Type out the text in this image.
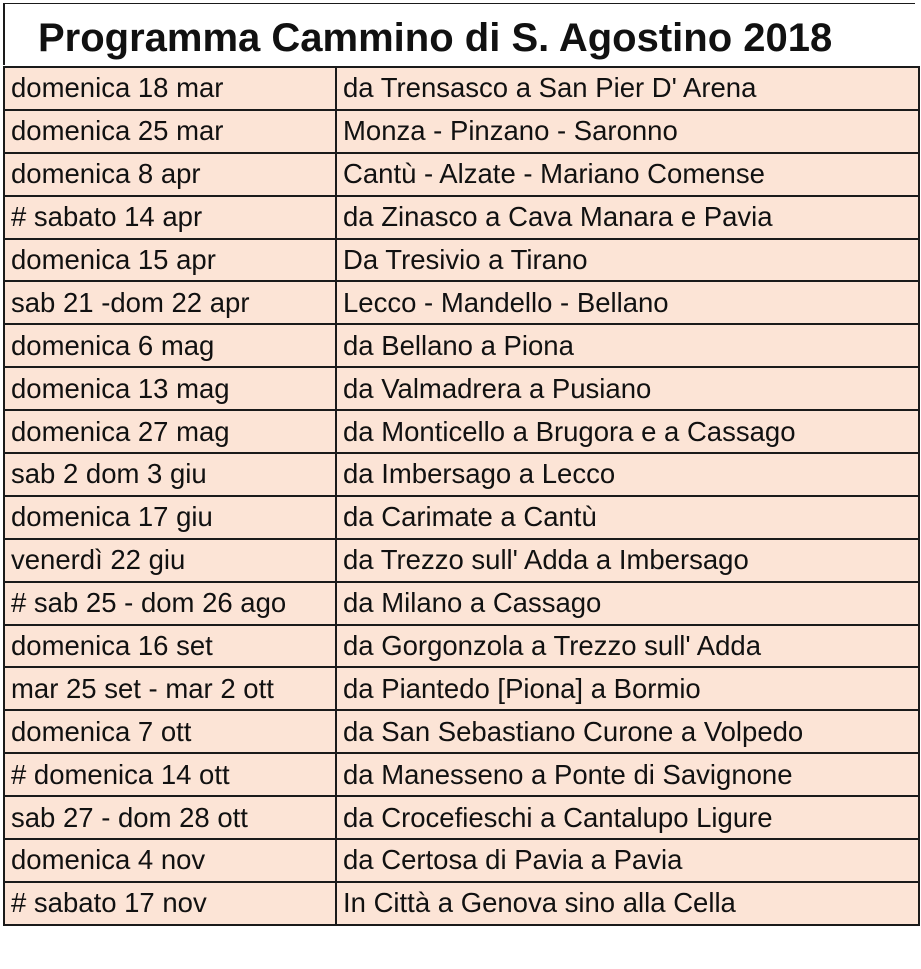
Programma Cammino di S. Agostino 2018
domenica 18 mar	da Trensasco a San Pier D' Arena
domenica 25 mar	Monza - Pinzano - Saronno
domenica 8 apr	Cantù - Alzate - Mariano Comense
# sabato 14 apr	da Zinasco a Cava Manara e Pavia
domenica 15 apr	Da Tresivio a Tirano
sab 21 -dom 22 apr	Lecco - Mandello - Bellano
domenica 6 mag	da Bellano a Piona
domenica 13 mag	da Valmadrera a Pusiano
domenica 27 mag	da Monticello a Brugora e a Cassago
sab 2 dom 3 giu	da Imbersago a Lecco
domenica 17 giu	da Carimate a Cantù
venerdì 22 giu	da Trezzo sull' Adda a Imbersago
# sab 25 - dom 26 ago	da Milano a Cassago
domenica 16 set	da Gorgonzola a Trezzo sull' Adda
mar 25 set - mar 2 ott	da Piantedo [Piona] a Bormio
domenica 7 ott	da San Sebastiano Curone a Volpedo
# domenica 14 ott	da Manesseno a Ponte di Savignone
sab 27 - dom 28 ott	da Crocefieschi a Cantalupo Ligure
domenica 4 nov	da Certosa di Pavia a Pavia
# sabato 17 nov	In Città a Genova sino alla Cella
